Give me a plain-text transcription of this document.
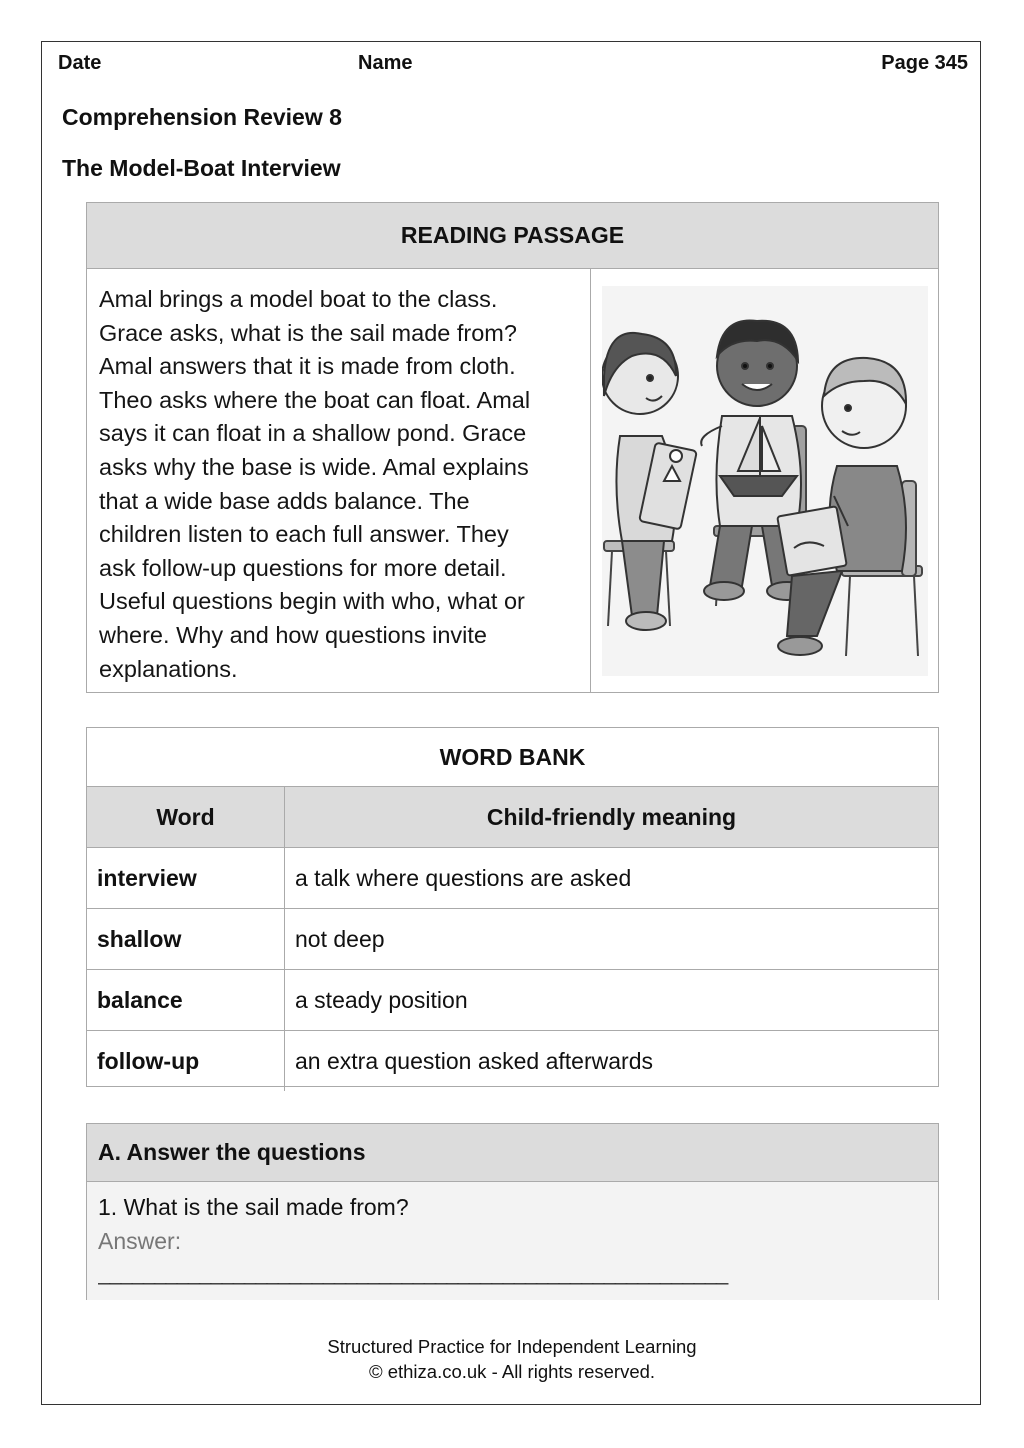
Date	Name	Page 345
Comprehension Review 8
The Model-Boat Interview
READING PASSAGE
Amal brings a model boat to the class.
Grace asks, what is the sail made from?
Amal answers that it is made from cloth.
Theo asks where the boat can float. Amal
says it can float in a shallow pond. Grace
asks why the base is wide. Amal explains
that a wide base adds balance. The
children listen to each full answer. They
ask follow-up questions for more detail.
Useful questions begin with who, what or
where. Why and how questions invite
explanations.
WORD BANK
Word	Child-friendly meaning
interview	a talk where questions are asked
shallow	not deep
balance	a steady position
follow-up	an extra question asked afterwards
A. Answer the questions
1. What is the sail made from?
Answer:
________________________________________________________
Structured Practice for Independent Learning
© ethiza.co.uk - All rights reserved.
